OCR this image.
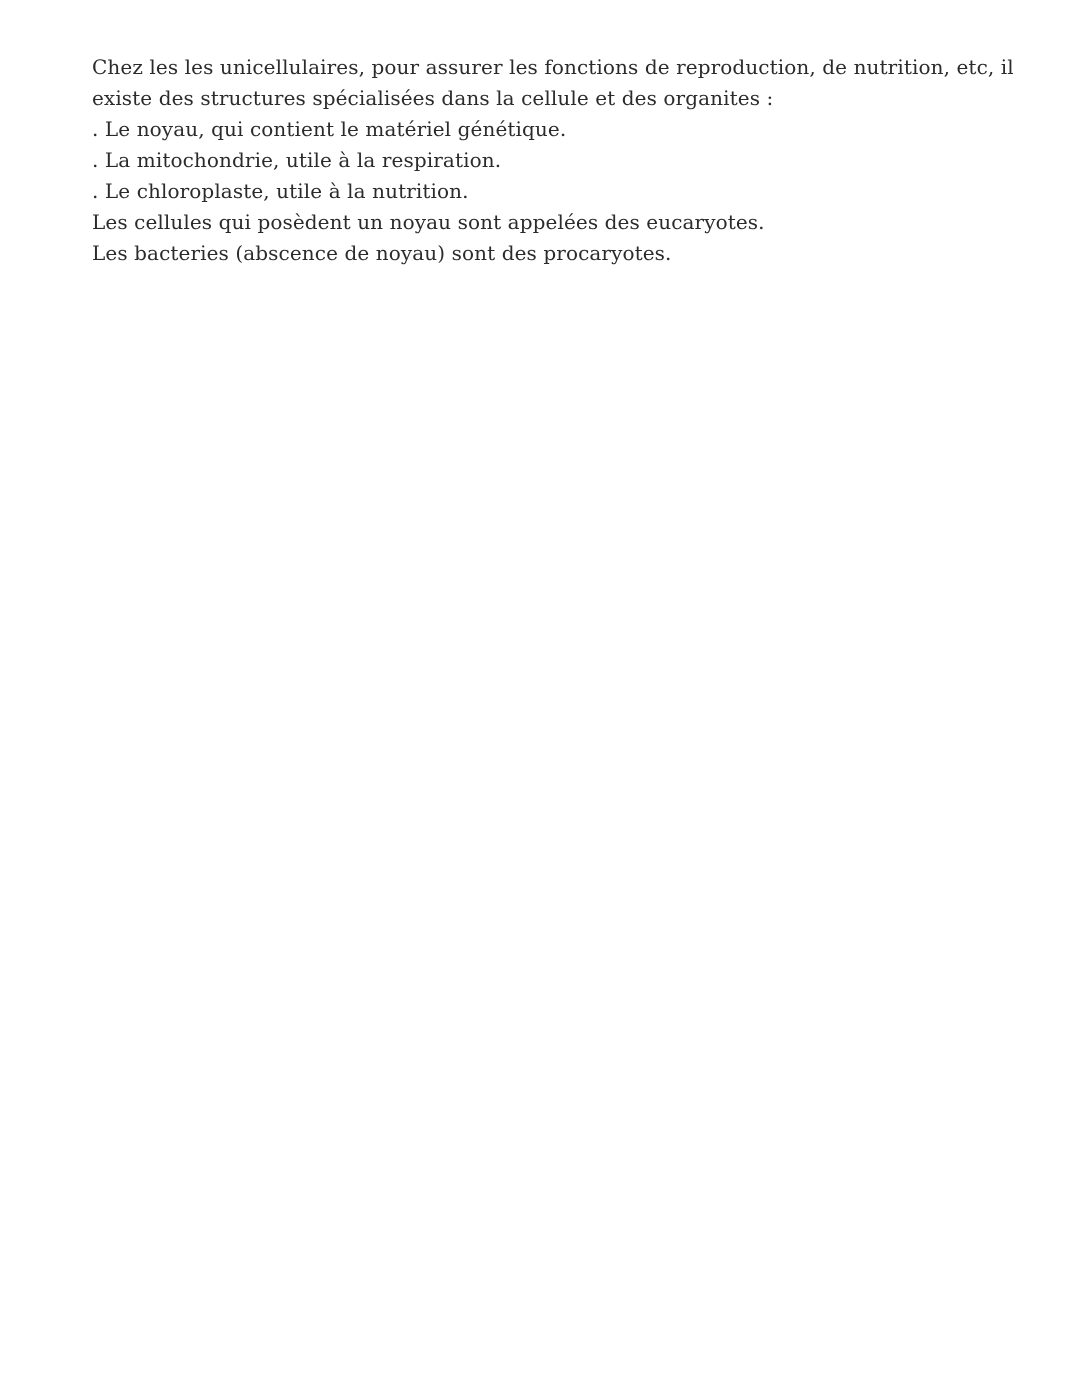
Chez les les unicellulaires, pour assurer les fonctions de reproduction, de nutrition, etc, il
existe des structures spécialisées dans la cellule et des organites :
. Le noyau, qui contient le matériel génétique.
. La mitochondrie, utile à la respiration.
. Le chloroplaste, utile à la nutrition.
Les cellules qui posèdent un noyau sont appelées des eucaryotes.
Les bacteries (abscence de noyau) sont des procaryotes.
